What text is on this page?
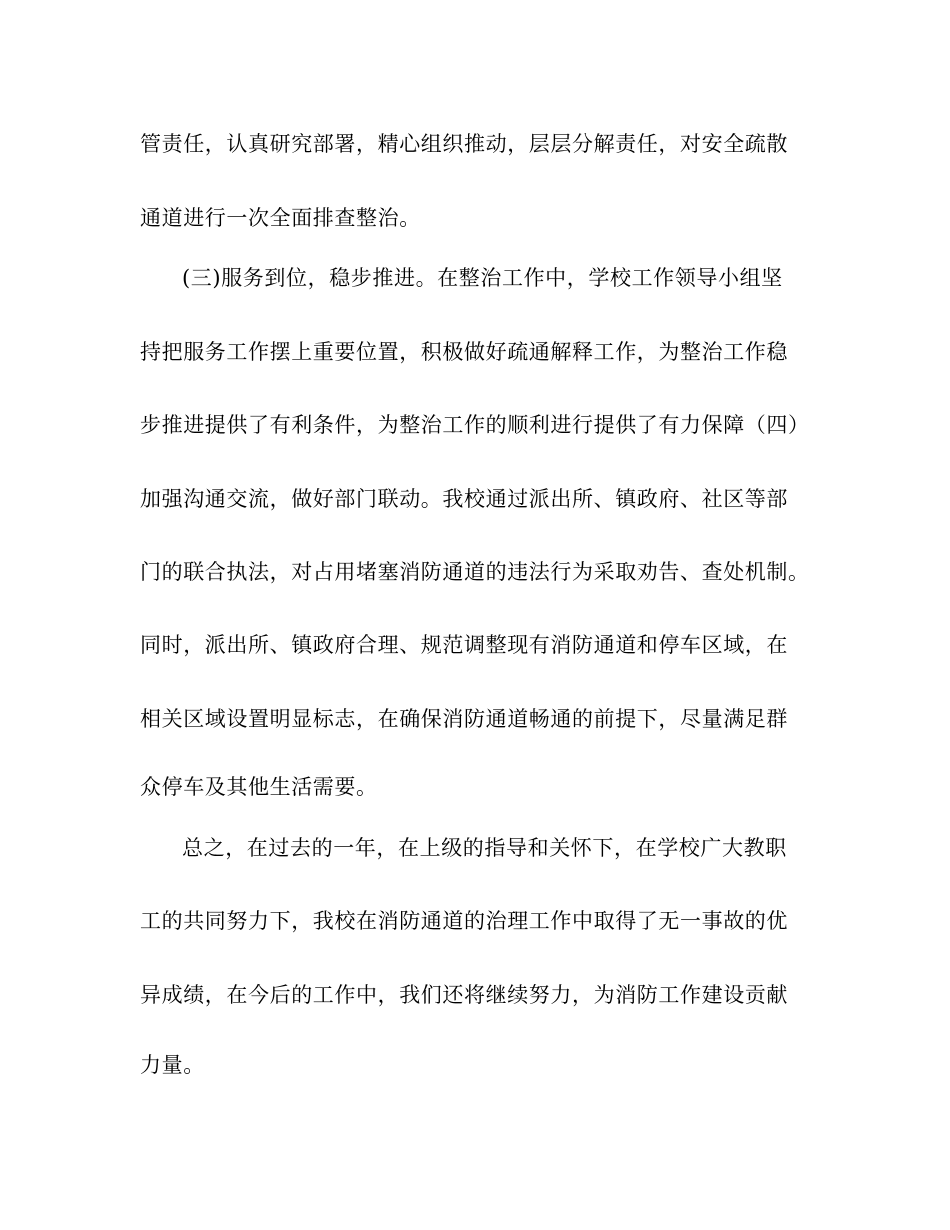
管责任，认真研究部署，精心组织推动，层层分解责任，对安全疏散
通道进行一次全面排查整治。
(三)服务到位，稳步推进。在整治工作中，学校工作领导小组坚
持把服务工作摆上重要位置，积极做好疏通解释工作，为整治工作稳
步推进提供了有利条件，为整治工作的顺利进行提供了有力保障（四）
加强沟通交流，做好部门联动。我校通过派出所、镇政府、社区等部
门的联合执法，对占用堵塞消防通道的违法行为采取劝告、查处机制。
同时，派出所、镇政府合理、规范调整现有消防通道和停车区域，在
相关区域设置明显标志，在确保消防通道畅通的前提下，尽量满足群
众停车及其他生活需要。
总之，在过去的一年，在上级的指导和关怀下，在学校广大教职
工的共同努力下，我校在消防通道的治理工作中取得了无一事故的优
异成绩，在今后的工作中，我们还将继续努力，为消防工作建设贡献
力量。
